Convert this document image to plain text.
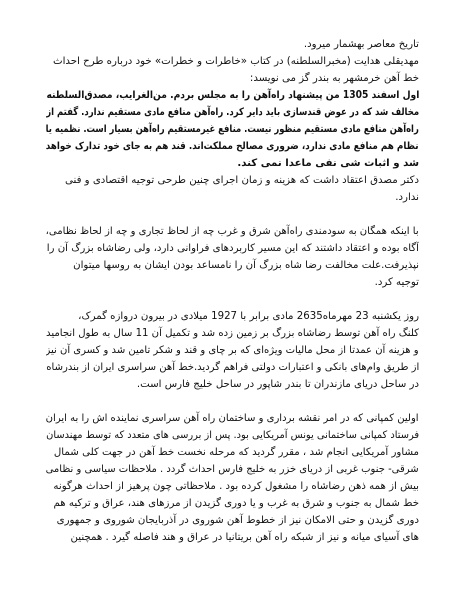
تاریخ معاصر بهشمار میرود.
مهدیقلی هدایت (مخبرالسلطنه) در کتاب «خاطرات و خطرات» خود درباره طرح احداث
خط آهن خرمشهر به بندر گز می نویسد:
اول اسفند 1305 من پیشنهاد راه‌آهن را به مجلس بردم. من‌الغرایب، مصدق‌السلطنه
مخالف شد که در عوض قندسازی باید دایر کرد. راه‌آهن منافع مادی مستقیم ندارد. گفتم از
راه‌آهن منافع مادی مستقیم منظور نیست. منافع غیرمستقیم راه‌آهن بسیار است. نظمیه یا
نظام هم منافع مادی ندارد، ضروری مصالح مملکت‌اند. قند هم به جای خود تدارک خواهد
شد و اثبات شی نفی ماعدا نمی کند.
دکتر مصدق اعتقاد داشت که هزینه و زمان اجرای چنین طرحی توجیه اقتصادی و فنی
ندارد.
با اینکه همگان به سودمندی راه‌آهن شرق و غرب چه از لحاظ تجاری و چه از لحاظ نظامی،
آگاه بوده و اعتقاد داشتند که این مسیر کاربردهای فراوانی دارد، ولی رضاشاه بزرگ آن را
نپذیرفت.علت مخالفت رضا شاه بزرگ آن را نامساعد بودن ایشان به روسها میتوان
توجیه کرد.
روز یکشنبه 23 مهرماه2635 مادی برابر با 1927 میلادی در بیرون دروازه گمرک،
کلنگ راه آهن توسط رضاشاه بزرگ بر زمین زده شد و تکمیل آن 11 سال به طول انجامید
و هزینه آن عمدتا از محل مالیات ویژه‌ای که بر چای و قند و شکر تامین شد و کسری آن نیز
از طریق وام‌های بانکی و اعتبارات دولتی فراهم گردید.خط آهن سراسری ایران از بندرشاه
در ساحل دریای مازندران تا بندر شاپور در ساحل خلیج فارس است.
اولین کمپانی که در امر نقشه برداری و ساختمان راه آهن سراسری نماینده اش را به ایران
فرستاد کمپانی ساختمانی یونس آمریکایی بود. پس از بررسی های متعدد که توسط مهندسان
مشاور آمریکایی انجام شد ، مقرر گردید که مرحله نخست خط آهن در جهت کلی شمال
شرقی- جنوب غربی از دریای خزر به خلیج فارس احداث گردد . ملاحظات سیاسی و نظامی
بیش از همه ذهن رضاشاه را مشغول کرده بود . ملاحظاتی چون پرهیز از احداث هرگونه
خط شمال به جنوب و شرق به غرب و یا دوری گزیدن از مرزهای هند، عراق و ترکیه هم
دوری گزیدن و حتی الامکان نیز از خطوط آهن شوروی در آذربایجان شوروی و جمهوری
های آسیای میانه و نیز از شبکه راه آهن بریتانیا در عراق و هند فاصله گیرد . همچنین
